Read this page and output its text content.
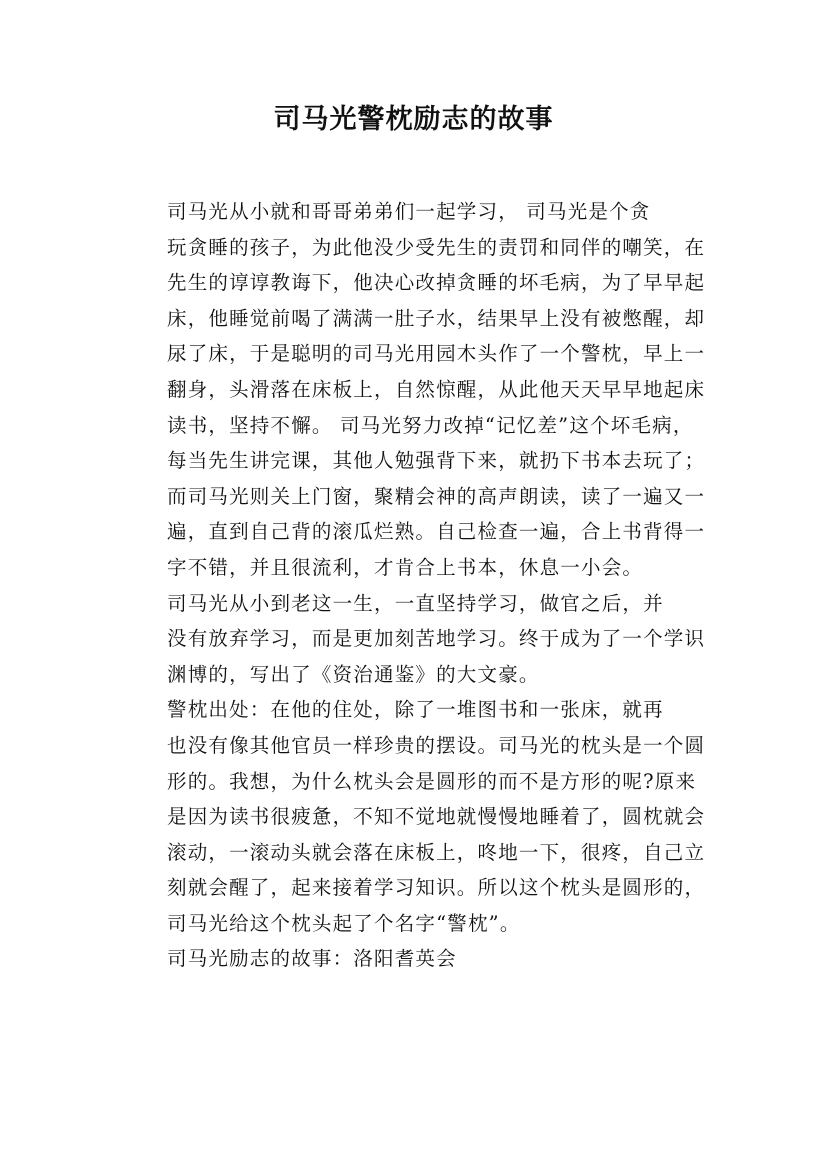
司马光警枕励志的故事

司马光从小就和哥哥弟弟们一起学习， 司马光是个贪
玩贪睡的孩子，为此他没少受先生的责罚和同伴的嘲笑，在
先生的谆谆教诲下，他决心改掉贪睡的坏毛病，为了早早起
床，他睡觉前喝了满满一肚子水，结果早上没有被憋醒，却
尿了床，于是聪明的司马光用园木头作了一个警枕，早上一
翻身，头滑落在床板上，自然惊醒，从此他天天早早地起床
读书，坚持不懈。 司马光努力改掉“记忆差”这个坏毛病，
每当先生讲完课，其他人勉强背下来，就扔下书本去玩了；
而司马光则关上门窗，聚精会神的高声朗读，读了一遍又一
遍，直到自己背的滚瓜烂熟。自己检查一遍，合上书背得一
字不错，并且很流利，才肯合上书本，休息一小会。

司马光从小到老这一生，一直坚持学习，做官之后，并
没有放弃学习，而是更加刻苦地学习。终于成为了一个学识
渊博的，写出了《资治通鉴》的大文豪。

警枕出处：在他的住处，除了一堆图书和一张床，就再
也没有像其他官员一样珍贵的摆设。司马光的枕头是一个圆
形的。我想，为什么枕头会是圆形的而不是方形的呢?原来
是因为读书很疲惫，不知不觉地就慢慢地睡着了，圆枕就会
滚动，一滚动头就会落在床板上，咚地一下，很疼，自己立
刻就会醒了，起来接着学习知识。所以这个枕头是圆形的，
司马光给这个枕头起了个名字“警枕”。

司马光励志的故事：洛阳耆英会
